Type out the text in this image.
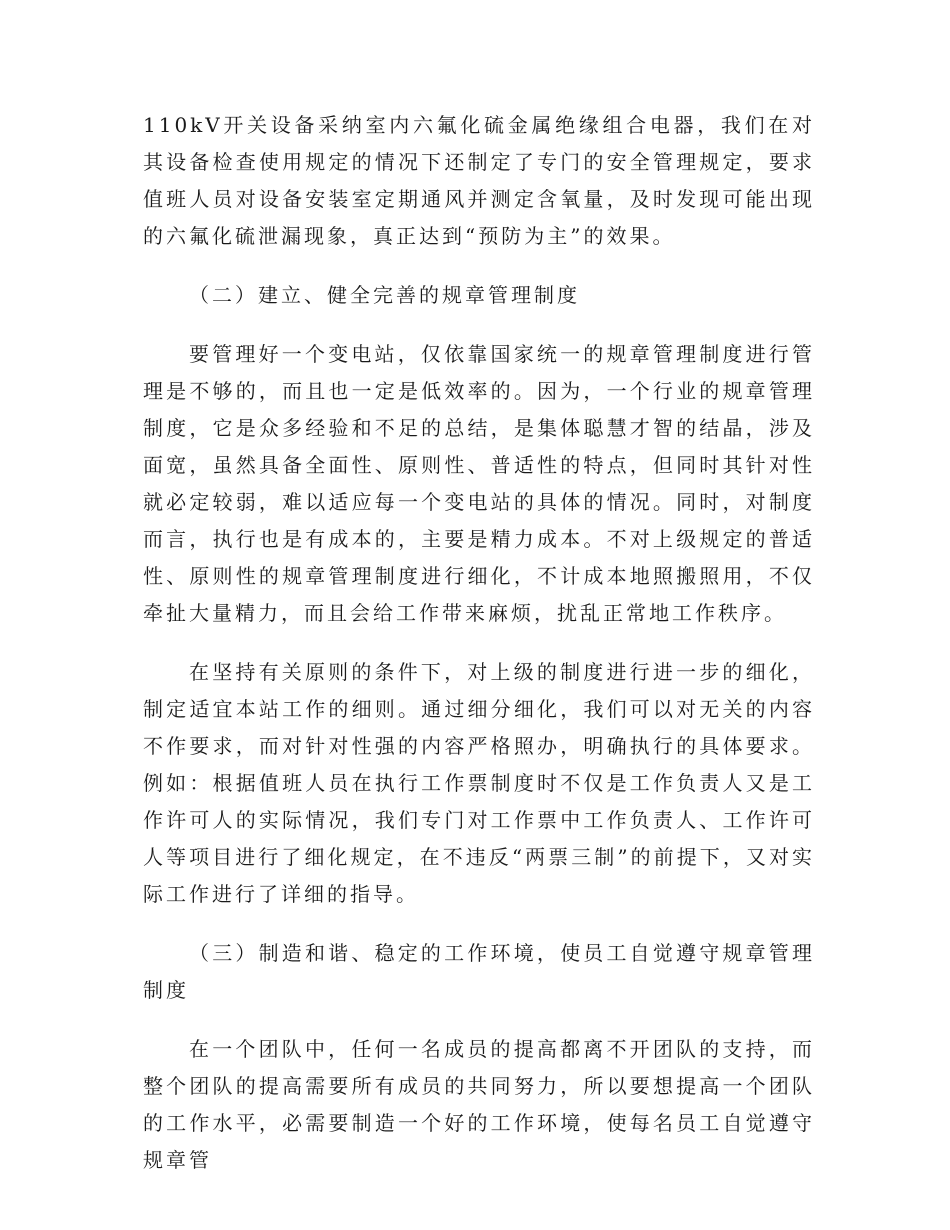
110kV开关设备采纳室内六氟化硫金属绝缘组合电器，我们在对其设备检查使用规定的情况下还制定了专门的安全管理规定，要求值班人员对设备安装室定期通风并测定含氧量，及时发现可能出现的六氟化硫泄漏现象，真正达到“预防为主”的效果。

（二）建立、健全完善的规章管理制度

要管理好一个变电站，仅依靠国家统一的规章管理制度进行管理是不够的，而且也一定是低效率的。因为，一个行业的规章管理制度，它是众多经验和不足的总结，是集体聪慧才智的结晶，涉及面宽，虽然具备全面性、原则性、普适性的特点，但同时其针对性就必定较弱，难以适应每一个变电站的具体的情况。同时，对制度而言，执行也是有成本的，主要是精力成本。不对上级规定的普适性、原则性的规章管理制度进行细化，不计成本地照搬照用，不仅牵扯大量精力，而且会给工作带来麻烦，扰乱正常地工作秩序。

在坚持有关原则的条件下，对上级的制度进行进一步的细化，制定适宜本站工作的细则。通过细分细化，我们可以对无关的内容不作要求，而对针对性强的内容严格照办，明确执行的具体要求。例如：根据值班人员在执行工作票制度时不仅是工作负责人又是工作许可人的实际情况，我们专门对工作票中工作负责人、工作许可人等项目进行了细化规定，在不违反“两票三制”的前提下，又对实际工作进行了详细的指导。

（三）制造和谐、稳定的工作环境，使员工自觉遵守规章管理制度

在一个团队中，任何一名成员的提高都离不开团队的支持，而整个团队的提高需要所有成员的共同努力，所以要想提高一个团队的工作水平，必需要制造一个好的工作环境，使每名员工自觉遵守规章管
